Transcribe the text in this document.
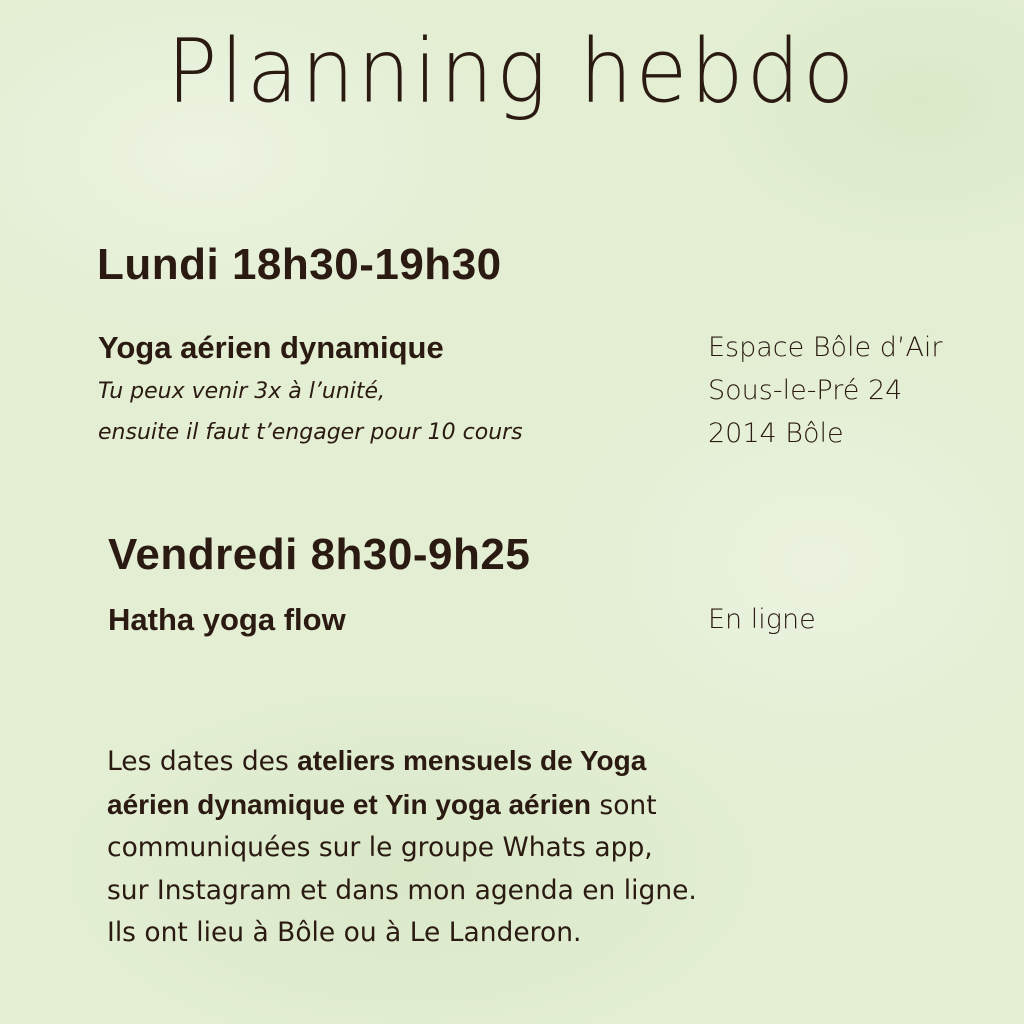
Planning hebdo
Lundi 18h30-19h30
Yoga aérien dynamique
Tu peux venir 3x à l’unité,
ensuite il faut t’engager pour 10 cours
Espace Bôle d’Air
Sous-le-Pré 24
2014 Bôle
Vendredi 8h30-9h25
Hatha yoga flow	En ligne
Les dates des ateliers mensuels de Yoga
aérien dynamique et Yin yoga aérien sont
communiquées sur le groupe Whats app,
sur Instagram et dans mon agenda en ligne.
Ils ont lieu à Bôle ou à Le Landeron.
